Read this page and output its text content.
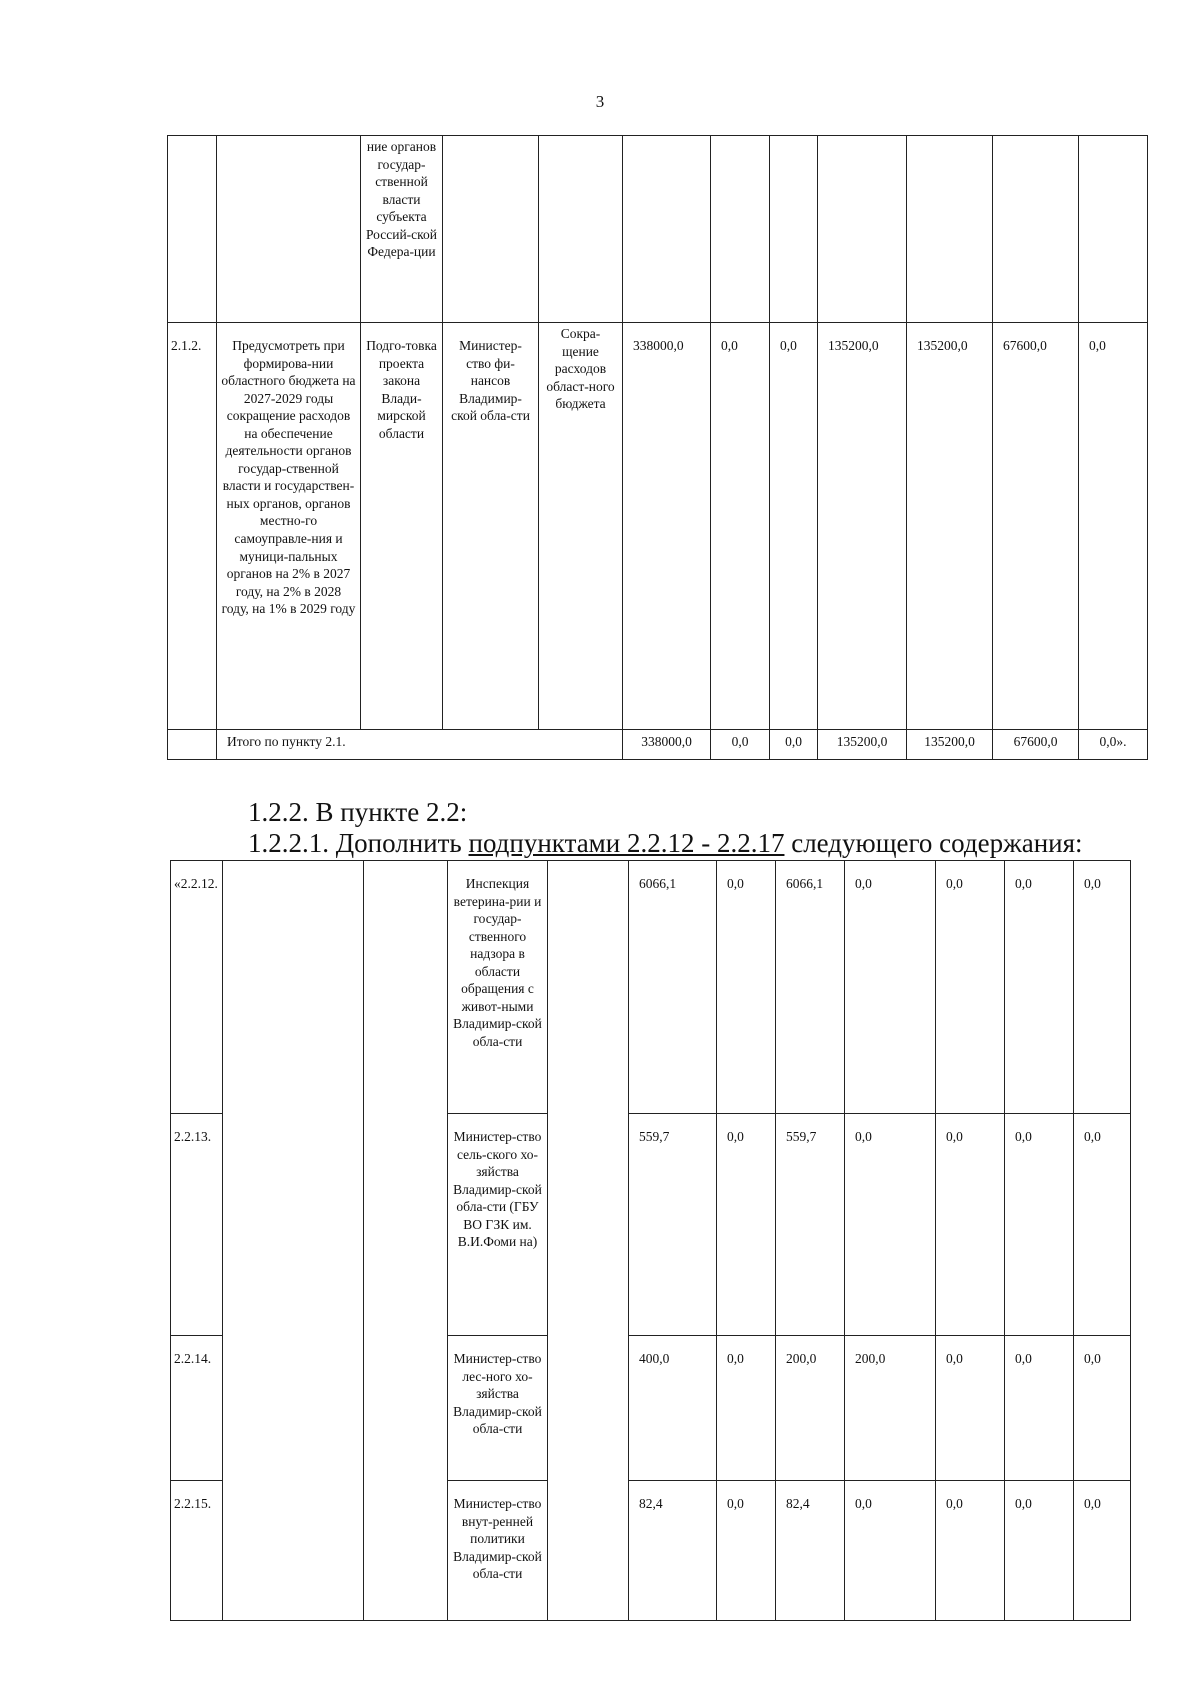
3
		ние органов государ-ственной власти субъекта Россий-ской Федера-ции									
2.1.2.	Предусмотреть при формирова-нии областного бюджета на 2027-2029 годы сокращение расходов на обеспечение деятельности органов государ-ственной власти и государствен-ных органов, органов местно-го самоуправле-ния и муници-пальных органов на 2% в 2027 году, на 2% в 2028 году, на 1% в 2029 году	Подго-товка проекта закона Влади-мирской области	Министер-ство фи-нансов Владимир-ской обла-сти	Сокра-щение расходов област-ного бюджета	338000,0	0,0	0,0	135200,0	135200,0	67600,0	0,0
	Итого по пункту 2.1.				338000,0	0,0	0,0	135200,0	135200,0	67600,0	0,0».
1.2.2. В пункте 2.2:
1.2.2.1. Дополнить подпунктами 2.2.12 - 2.2.17 следующего содержания:
«2.2.12.			Инспекция ветерина-рии и государ-ственного надзора в области обращения с живот-ными Владимир-ской обла-сти		6066,1	0,0	6066,1	0,0	0,0	0,0	0,0
2.2.13.			Министер-ство сель-ского хо-зяйства Владимир-ской обла-сти (ГБУ ВО ГЗК им. В.И.Фоми на)		559,7	0,0	559,7	0,0	0,0	0,0	0,0
2.2.14.			Министер-ство лес-ного хо-зяйства Владимир-ской обла-сти		400,0	0,0	200,0	200,0	0,0	0,0	0,0
2.2.15.			Министер-ство внут-ренней политики Владимир-ской обла-сти		82,4	0,0	82,4	0,0	0,0	0,0	0,0
